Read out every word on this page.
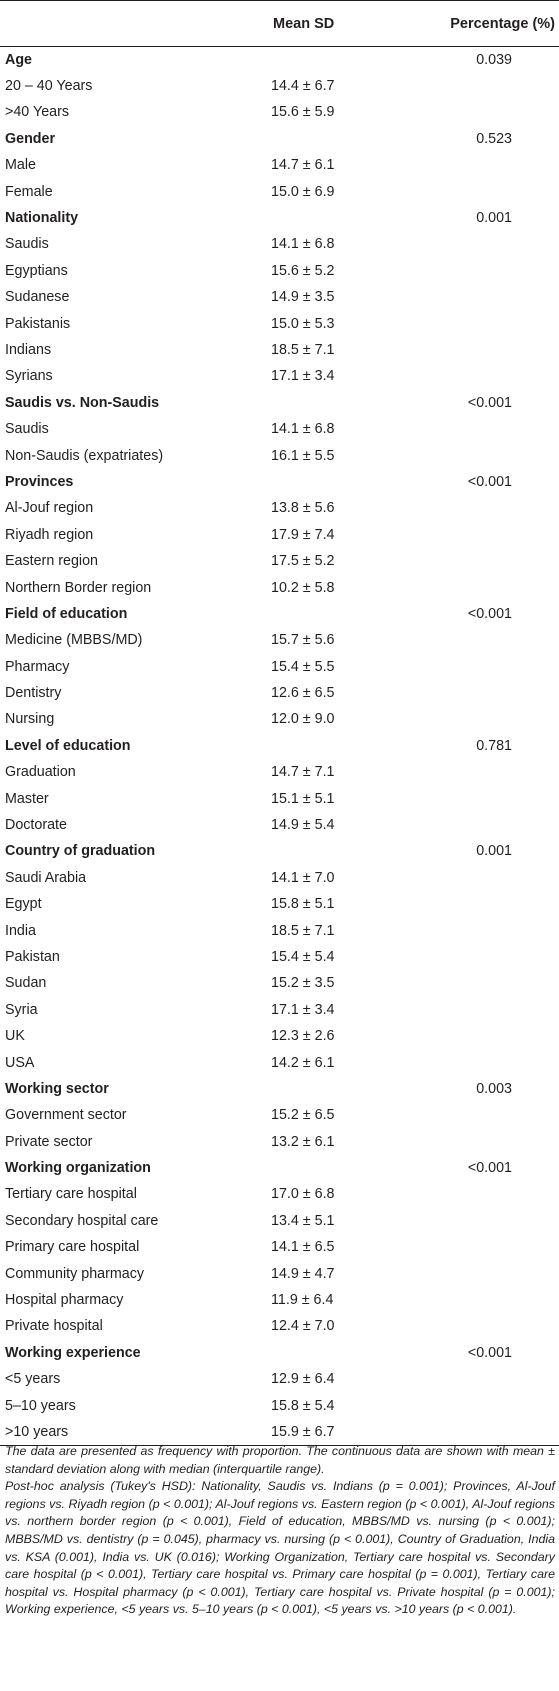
	Mean SD	Percentage (%)
Age		0.039
20 – 40 Years	14.4 ± 6.7	
>40 Years	15.6 ± 5.9	
Gender		0.523
Male	14.7 ± 6.1	
Female	15.0 ± 6.9	
Nationality		0.001
Saudis	14.1 ± 6.8	
Egyptians	15.6 ± 5.2	
Sudanese	14.9 ± 3.5	
Pakistanis	15.0 ± 5.3	
Indians	18.5 ± 7.1	
Syrians	17.1 ± 3.4	
Saudis vs. Non-Saudis		<0.001
Saudis	14.1 ± 6.8	
Non-Saudis (expatriates)	16.1 ± 5.5	
Provinces		<0.001
Al-Jouf region	13.8 ± 5.6	
Riyadh region	17.9 ± 7.4	
Eastern region	17.5 ± 5.2	
Northern Border region	10.2 ± 5.8	
Field of education		<0.001
Medicine (MBBS/MD)	15.7 ± 5.6	
Pharmacy	15.4 ± 5.5	
Dentistry	12.6 ± 6.5	
Nursing	12.0 ± 9.0	
Level of education		0.781
Graduation	14.7 ± 7.1	
Master	15.1 ± 5.1	
Doctorate	14.9 ± 5.4	
Country of graduation		0.001
Saudi Arabia	14.1 ± 7.0	
Egypt	15.8 ± 5.1	
India	18.5 ± 7.1	
Pakistan	15.4 ± 5.4	
Sudan	15.2 ± 3.5	
Syria	17.1 ± 3.4	
UK	12.3 ± 2.6	
USA	14.2 ± 6.1	
Working sector		0.003
Government sector	15.2 ± 6.5	
Private sector	13.2 ± 6.1	
Working organization		<0.001
Tertiary care hospital	17.0 ± 6.8	
Secondary hospital care	13.4 ± 5.1	
Primary care hospital	14.1 ± 6.5	
Community pharmacy	14.9 ± 4.7	
Hospital pharmacy	11.9 ± 6.4	
Private hospital	12.4 ± 7.0	
Working experience		<0.001
<5 years	12.9 ± 6.4	
5–10 years	15.8 ± 5.4	
>10 years	15.9 ± 6.7	

The data are presented as frequency with proportion. The continuous data are shown with mean ± standard deviation along with median (interquartile range).

Post-hoc analysis (Tukey's HSD): Nationality, Saudis vs. Indians (p = 0.001); Provinces, Al-Jouf regions vs. Riyadh region (p < 0.001); Al-Jouf regions vs. Eastern region (p < 0.001), Al-Jouf regions vs. northern border region (p < 0.001), Field of education, MBBS/MD vs. nursing (p < 0.001); MBBS/MD vs. dentistry (p = 0.045), pharmacy vs. nursing (p < 0.001), Country of Graduation, India vs. KSA (0.001), India vs. UK (0.016); Working Organization, Tertiary care hospital vs. Secondary care hospital (p < 0.001), Tertiary care hospital vs. Primary care hospital (p = 0.001), Tertiary care hospital vs. Hospital pharmacy (p < 0.001), Tertiary care hospital vs. Private hospital (p = 0.001); Working experience, <5 years vs. 5–10 years (p < 0.001), <5 years vs. >10 years (p < 0.001).
